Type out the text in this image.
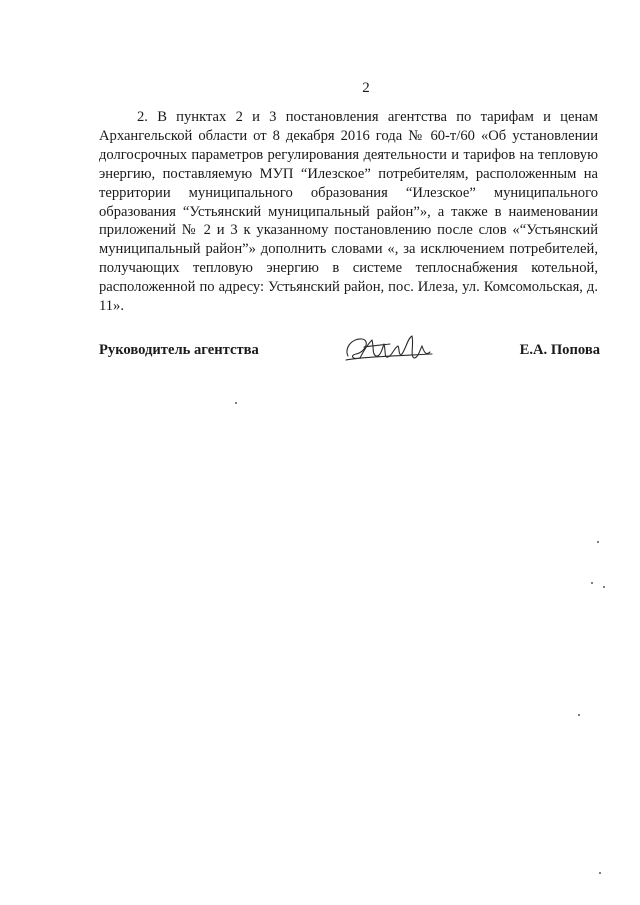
2

2. В пунктах 2 и 3 постановления агентства по тарифам и ценам Архангельской области от 8 декабря 2016 года № 60-т/60 «Об установлении долгосрочных параметров регулирования деятельности и тарифов на тепловую энергию, поставляемую МУП “Илезское” потребителям, расположенным на территории муниципального образования “Илезское” муниципального образования “Устьянский муниципальный район”», а также в наименовании приложений № 2 и 3 к указанному постановлению после слов «“Устьянский муниципальный район”» дополнить словами «, за исключением потребителей, получающих тепловую энергию в системе теплоснабжения котельной, расположенной по адресу: Устьянский район, пос. Илеза, ул. Комсомольская, д. 11».

Руководитель агентства	Е.А. Попова
